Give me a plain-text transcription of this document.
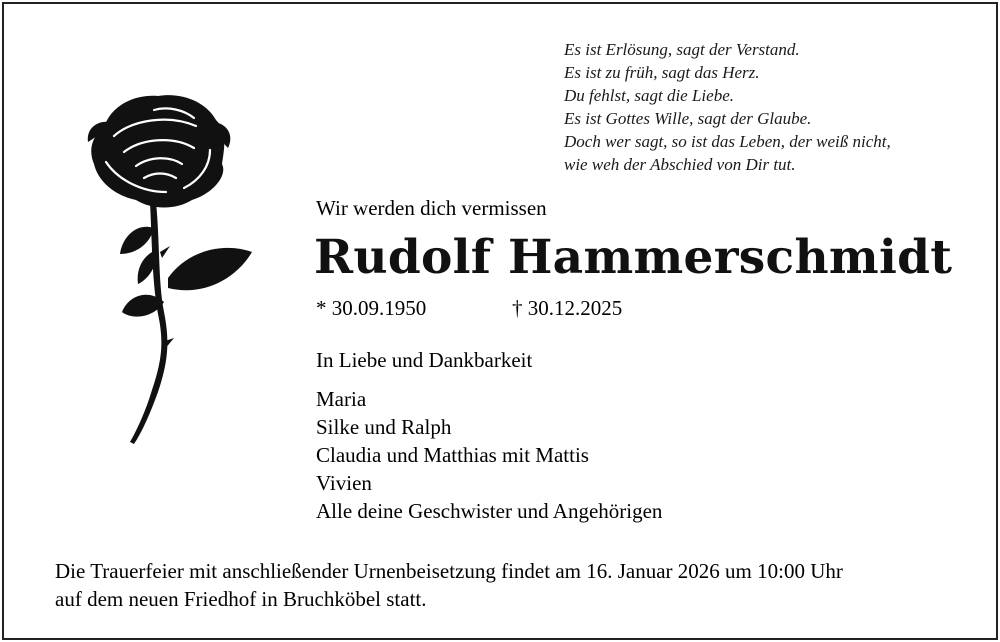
Es ist Erlösung, sagt der Verstand.
Es ist zu früh, sagt das Herz.
Du fehlst, sagt die Liebe.
Es ist Gottes Wille, sagt der Glaube.
Doch wer sagt, so ist das Leben, der weiß nicht,
wie weh der Abschied von Dir tut.
Wir werden dich vermissen
Rudolf Hammerschmidt
* 30.09.1950	† 30.12.2025
In Liebe und Dankbarkeit
Maria
Silke und Ralph
Claudia und Matthias mit Mattis
Vivien
Alle deine Geschwister und Angehörigen

Die Trauerfeier mit anschließender Urnenbeisetzung findet am 16. Januar 2026 um 10:00 Uhr
auf dem neuen Friedhof in Bruchköbel statt.
